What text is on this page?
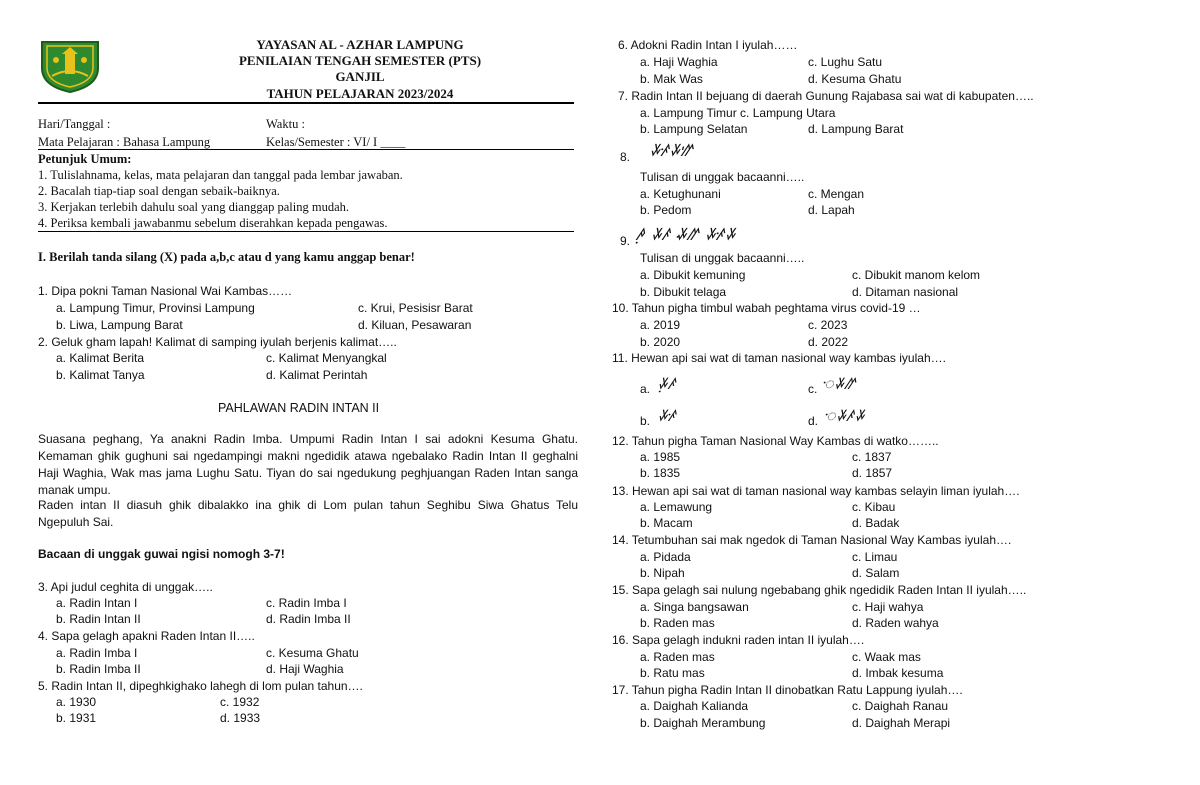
YAYASAN AL - AZHAR LAMPUNG
PENILAIAN TENGAH SEMESTER (PTS)
GANJIL
TAHUN PELAJARAN 2023/2024
Hari/Tanggal :	Waktu :
Mata Pelajaran : Bahasa Lampung	Kelas/Semester : VI/ I ____
Petunjuk Umum:
1. Tulislahnama, kelas, mata pelajaran dan tanggal pada lembar jawaban.
2. Bacalah tiap-tiap soal dengan sebaik-baiknya.
3. Kerjakan terlebih dahulu soal yang dianggap paling mudah.
4. Periksa kembali jawabanmu sebelum diserahkan kepada pengawas.
I. Berilah tanda silang (X) pada a,b,c atau d yang kamu anggap benar!
1. Dipa pokni Taman Nasional Wai Kambas……
a. Lampung Timur, Provinsi Lampung	c. Krui, Pesisisr Barat
b. Liwa, Lampung Barat	d. Kiluan, Pesawaran
2. Geluk gham lapah! Kalimat di samping iyulah berjenis kalimat…..
a. Kalimat Berita	c. Kalimat Menyangkal
b. Kalimat Tanya	d. Kalimat Perintah
PAHLAWAN RADIN INTAN II
Suasana peghang, Ya anakni Radin Imba. Umpumi Radin Intan I sai adokni Kesuma Ghatu. Kemaman ghik gughuni sai ngedampingi makni ngedidik atawa ngebalako Radin Intan II geghalni Haji Waghia, Wak mas jama Lughu Satu. Tiyan do sai ngedukung peghjuangan Raden Intan sanga manak umpu.
Raden intan II diasuh ghik dibalakko ina ghik di Lom pulan tahun Seghibu Siwa Ghatus Telu Ngepuluh Sai.
Bacaan di unggak guwai ngisi nomogh 3-7!
3. Api judul ceghita di unggak…..
a. Radin Intan I	c. Radin Imba I
b. Radin Intan II	d. Radin Imba II
4. Sapa gelagh apakni Raden Intan II…..
a. Radin Imba I	c. Kesuma Ghatu
b. Radin Imba II	d. Haji Waghia
5. Radin Intan II, dipeghkighako lahegh di lom pulan tahun….
a. 1930	c. 1932
b. 1931	d. 1933
6. Adokni Radin Intan I iyulah……
a. Haji Waghia	c. Lughu Satu
b. Mak Was	d. Kesuma Ghatu
7. Radin Intan II bejuang di daerah Gunung Rajabasa sai wat di kabupaten…..
a. Lampung Timur c. Lampung Utara
b. Lampung Selatan	d. Lampung Barat
8. ꤸꤰꥇꤸꤼꥉ
Tulisan di unggak bacaanni…..
a. Ketughunani	c. Mengan
b. Pedom	d. Lapah
9. ꤳꥈ ꤸꤰ ꥇꤸꤼ ꤸꤰꥇꤸ
Tulisan di unggak bacaanni…..
a. Dibukit kemuning	c. Dibukit manom kelom
b. Dibukit telaga	d. Ditaman nasional
10. Tahun pigha timbul wabah peghtama virus covid-19 …
a. 2019	c. 2023
b. 2020	d. 2022
11. Hewan api sai wat di taman nasional way kambas iyulah….
a. ꤸꥈꤰ	c. ꥇꤸꤼ
b. ꤸꤰꥇ	d. ꥇꤸꤰꤸ
12. Tahun pigha Taman Nasional Way Kambas di watko……..
a. 1985	c. 1837
b. 1835	d. 1857
13. Hewan api sai wat di taman nasional way kambas selayin liman iyulah….
a. Lemawung	c. Kibau
b. Macam	d. Badak
14. Tetumbuhan sai mak ngedok di Taman Nasional Way Kambas iyulah….
a. Pidada	c. Limau
b. Nipah	d. Salam
15. Sapa gelagh sai nulung ngebabang ghik ngedidik Raden Intan II iyulah…..
a. Singa bangsawan	c. Haji wahya
b. Raden mas	d. Raden wahya
16. Sapa gelagh indukni raden intan II iyulah….
a. Raden mas	c. Waak mas
b. Ratu mas	d. Imbak kesuma
17. Tahun pigha Radin Intan II dinobatkan Ratu Lappung iyulah….
a. Daighah Kalianda	c. Daighah Ranau
b. Daighah Merambung	d. Daighah Merapi
